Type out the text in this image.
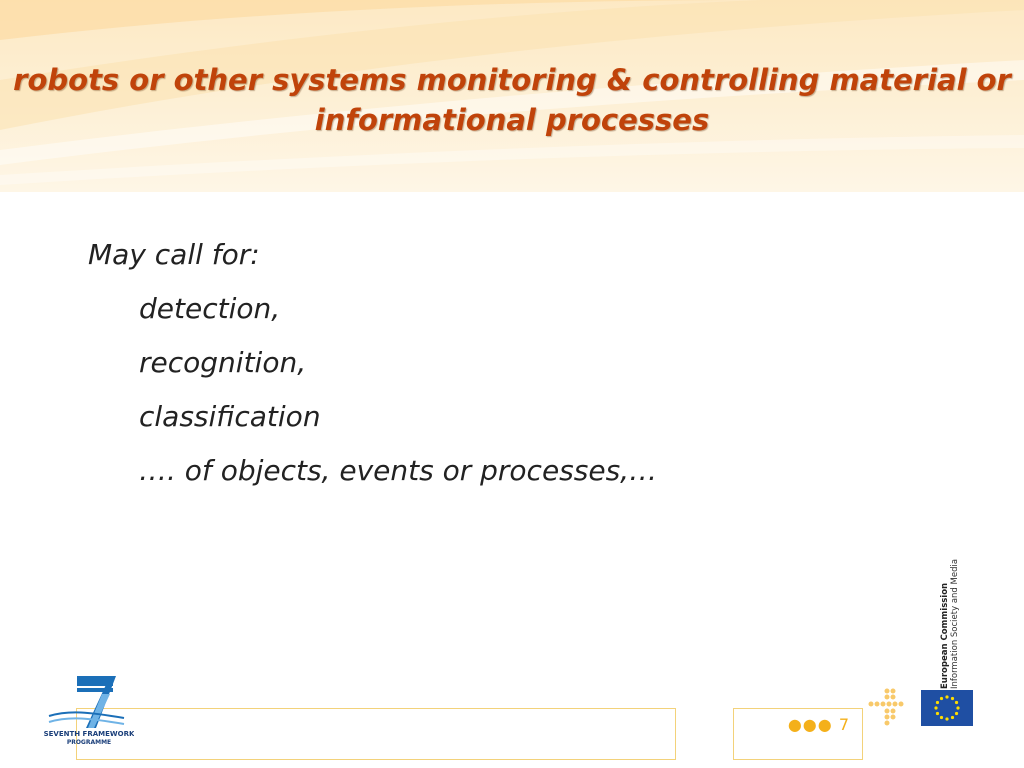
robots or other systems monitoring & controlling material or
informational processes
May call for:
detection,
recognition,
classification
…. of objects, events or processes,…
●●● 7
SEVENTH FRAMEWORK
PROGRAMME
European Commission Information Society and Media
